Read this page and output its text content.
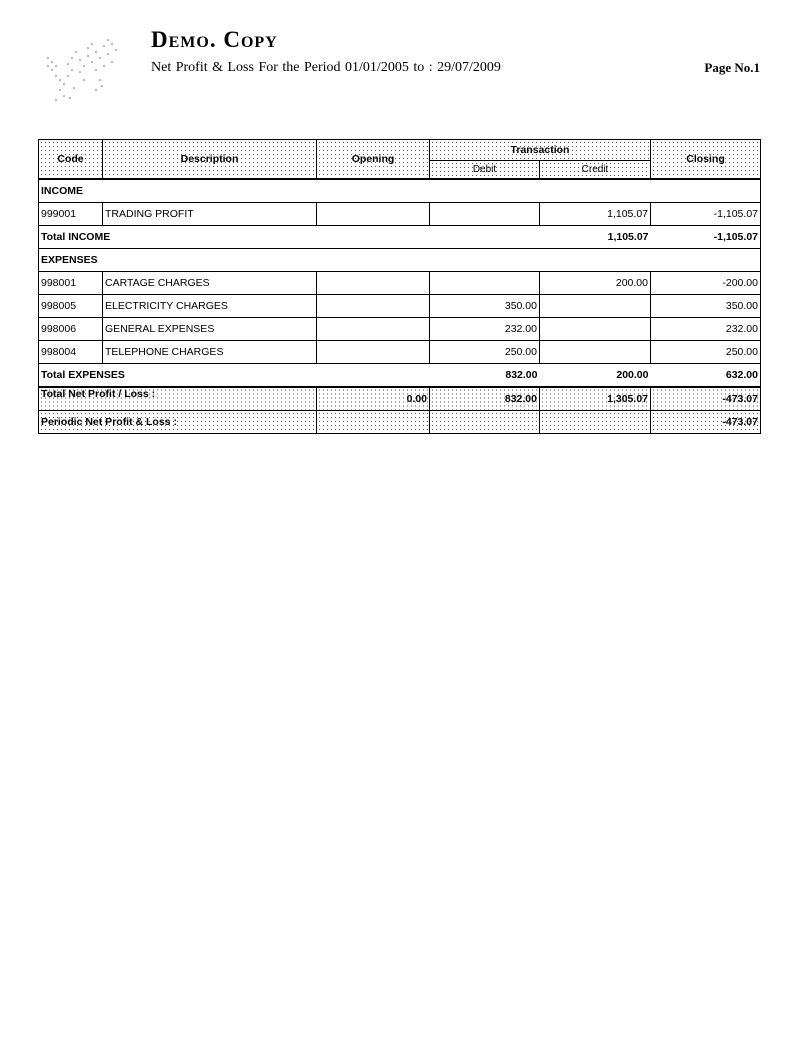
Demo. Copy
Net Profit & Loss For the Period 01/01/2005 to : 29/07/2009	Page No.1
Code	Description	Opening	Transaction		Closing
			Debit	Credit	
INCOME					
999001	TRADING PROFIT			1,105.07	-1,105.07
Total INCOME				1,105.07	-1,105.07
EXPENSES					
998001	CARTAGE CHARGES			200.00	-200.00
998005	ELECTRICITY CHARGES		350.00		350.00
998006	GENERAL EXPENSES		232.00		232.00
998004	TELEPHONE CHARGES		250.00		250.00
Total EXPENSES			832.00	200.00	632.00
Total Net Profit / Loss :		0.00	832.00	1,305.07	-473.07
Periodic Net Profit & Loss :					-473.07
